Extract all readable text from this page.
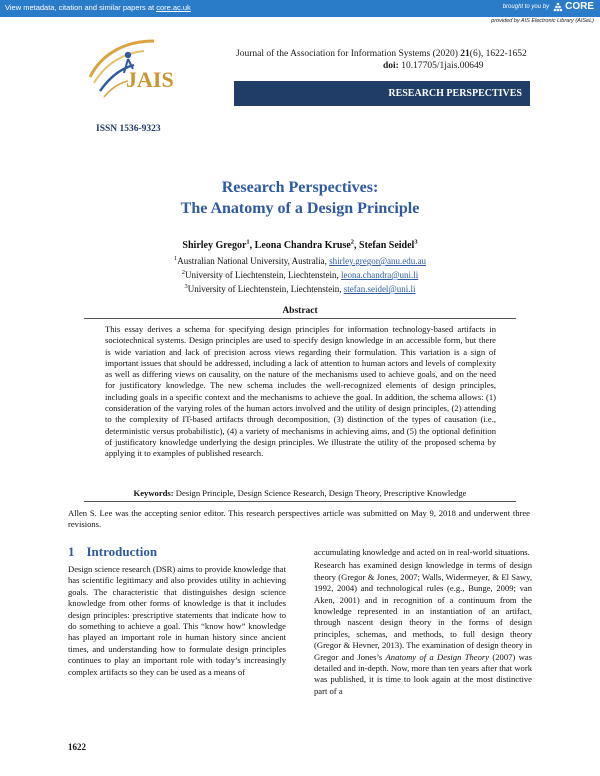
View metadata, citation and similar papers at core.ac.uk	brought to you by CORE
provided by AIS Electronic Library (AISeL)
JAIS
Journal of the Association for Information Systems (2020) 21(6), 1622-1652
doi: 10.17705/1jais.00649
RESEARCH PERSPECTIVES
ISSN 1536-9323
Research Perspectives:
The Anatomy of a Design Principle
Shirley Gregor$^1$, Leona Chandra Kruse$^2$, Stefan Seidel$^3$
$^1$Australian National University, Australia, shirley.gregor@anu.edu.au
$^2$University of Liechtenstein, Liechtenstein, leona.chandra@uni.li
$^3$University of Liechtenstein, Liechtenstein, stefan.seidel@uni.li
Abstract
This essay derives a schema for specifying design principles for information technology-based artifacts in sociotechnical systems. Design principles are used to specify design knowledge in an accessible form, but there is wide variation and lack of precision across views regarding their formulation. This variation is a sign of important issues that should be addressed, including a lack of attention to human actors and levels of complexity as well as differing views on causality, on the nature of the mechanisms used to achieve goals, and on the need for justificatory knowledge. The new schema includes the well-recognized elements of design principles, including goals in a specific context and the mechanisms to achieve the goal. In addition, the schema allows: (1) consideration of the varying roles of the human actors involved and the utility of design principles, (2) attending to the complexity of IT-based artifacts through decomposition, (3) distinction of the types of causation (i.e., deterministic versus probabilistic), (4) a variety of mechanisms in achieving aims, and (5) the optional definition of justificatory knowledge underlying the design principles. We illustrate the utility of the proposed schema by applying it to examples of published research.
Keywords: Design Principle, Design Science Research, Design Theory, Prescriptive Knowledge
Allen S. Lee was the accepting senior editor. This research perspectives article was submitted on May 9, 2018 and underwent three revisions.
1 Introduction

Design science research (DSR) aims to provide knowledge that has scientific legitimacy and also provides utility in achieving goals. The characteristic that distinguishes design science knowledge from other forms of knowledge is that it includes design principles: prescriptive statements that indicate how to do something to achieve a goal. This “know how” knowledge has played an important role in human history since ancient times, and understanding how to formulate design principles continues to play an important role with today’s increasingly complex artifacts so they can be used as a means of

accumulating knowledge and acted on in real-world situations.

Research has examined design knowledge in terms of design theory (Gregor & Jones, 2007; Walls, Widermeyer, & El Sawy, 1992, 2004) and technological rules (e.g., Bunge, 2009; van Aken, 2001) and in recognition of a continuum from the knowledge represented in an instantiation of an artifact, through nascent design theory in the forms of design principles, schemas, and methods, to full design theory (Gregor & Hevner, 2013). The examination of design theory in Gregor and Jones’s Anatomy of a Design Theory (2007) was detailed and in-depth. Now, more than ten years after that work was published, it is time to look again at the most distinctive part of a

1622
